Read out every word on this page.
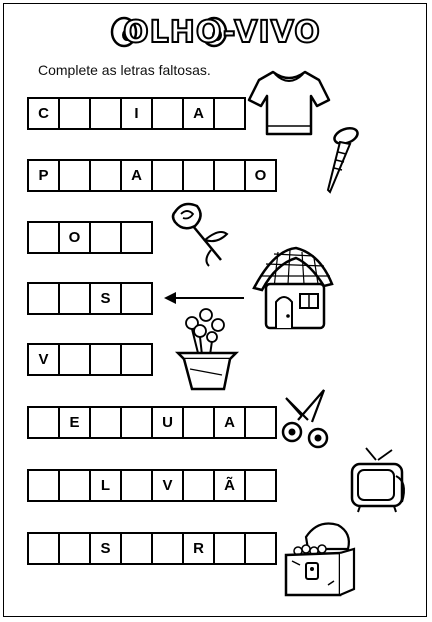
OLHO-VIVO
Complete as letras faltosas.
C	I	A
P	A	O
O
S
V
E	U	A
L	V	Ã
S	R
